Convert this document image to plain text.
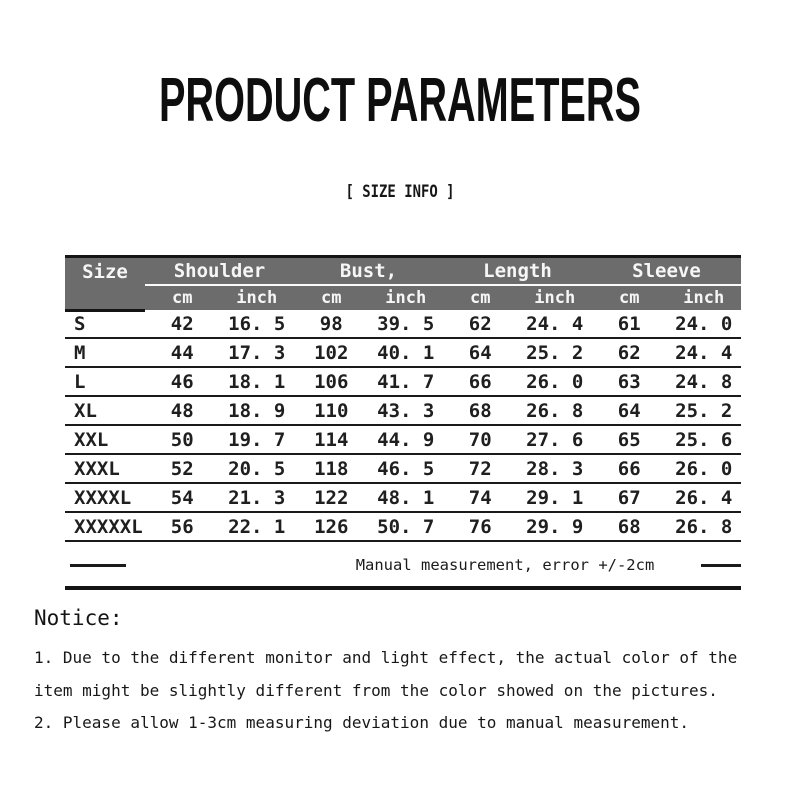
PRODUCT PARAMETERS
[ SIZE INFO ]
Size	Shoulder	Bust,	Length	Sleeve
cm	inch	cm	inch	cm	inch	cm	inch
S	42	16. 5	98	39. 5	62	24. 4	61	24. 0
M	44	17. 3	102	40. 1	64	25. 2	62	24. 4
L	46	18. 1	106	41. 7	66	26. 0	63	24. 8
XL	48	18. 9	110	43. 3	68	26. 8	64	25. 2
XXL	50	19. 7	114	44. 9	70	27. 6	65	25. 6
XXXL	52	20. 5	118	46. 5	72	28. 3	66	26. 0
XXXXL	54	21. 3	122	48. 1	74	29. 1	67	26. 4
XXXXXL	56	22. 1	126	50. 7	76	29. 9	68	26. 8
Manual measurement, error +/-2cm
Notice:
1. Due to the different monitor and light effect, the actual color of the
item might be slightly different from the color showed on the pictures.
2. Please allow 1-3cm measuring deviation due to manual measurement.
